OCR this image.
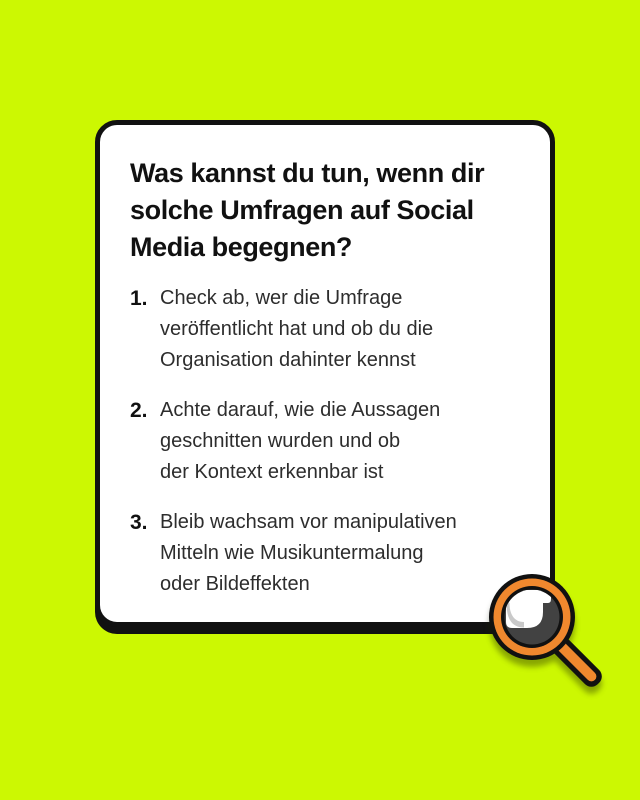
Was kannst du tun, wenn dir
solche Umfragen auf Social
Media begegnen?
1. Check ab, wer die Umfrage
veröffentlicht hat und ob du die
Organisation dahinter kennst
2. Achte darauf, wie die Aussagen
geschnitten wurden und ob
der Kontext erkennbar ist
3. Bleib wachsam vor manipulativen
Mitteln wie Musikuntermalung
oder Bildeffekten
